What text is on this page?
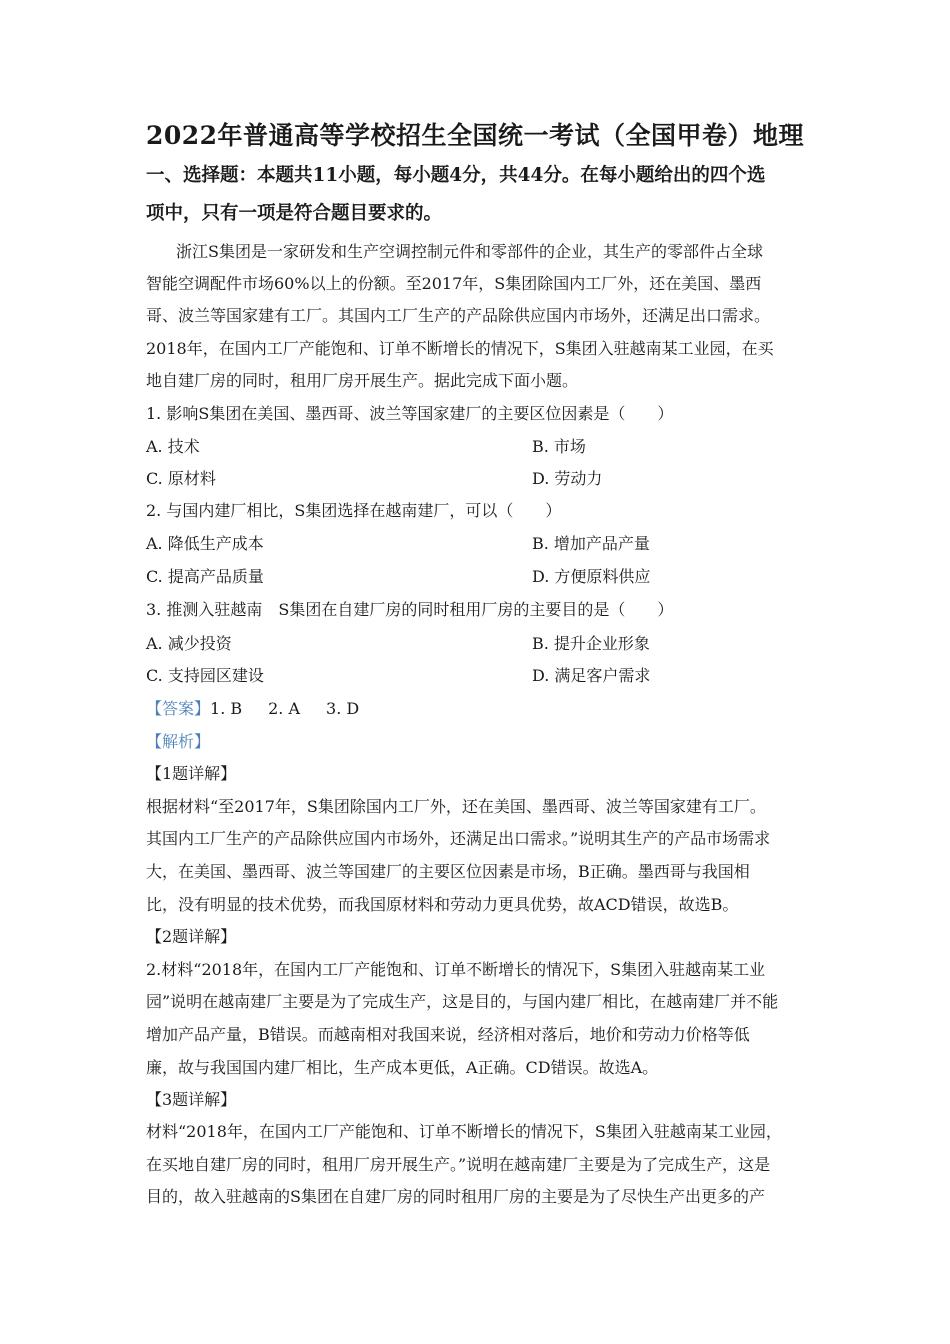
2022年普通高等学校招生全国统一考试（全国甲卷）地理
一、选择题：本题共11小题，每小题4分，共44分。在每小题给出的四个选
项中，只有一项是符合题目要求的。
浙江S集团是一家研发和生产空调控制元件和零部件的企业，其生产的零部件占全球
智能空调配件市场60%以上的份额。至2017年，S集团除国内工厂外，还在美国、墨西
哥、波兰等国家建有工厂。其国内工厂生产的产品除供应国内市场外，还满足出口需求。
2018年，在国内工厂产能饱和、订单不断增长的情况下，S集团入驻越南某工业园，在买
地自建厂房的同时，租用厂房开展生产。据此完成下面小题。
1. 影响S集团在美国、墨西哥、波兰等国家建厂的主要区位因素是（　　）
A. 技术	B. 市场
C. 原材料	D. 劳动力
2. 与国内建厂相比，S集团选择在越南建厂，可以（　　）
A. 降低生产成本	B. 增加产品产量
C. 提高产品质量	D. 方便原料供应
3. 推测入驻越南　S集团在自建厂房的同时租用厂房的主要目的是（　　）
A. 减少投资	B. 提升企业形象
C. 支持园区建设	D. 满足客户需求
【答案】1. B 2. A 3. D
【解析】
【1题详解】
根据材料“至2017年，S集团除国内工厂外，还在美国、墨西哥、波兰等国家建有工厂。
其国内工厂生产的产品除供应国内市场外，还满足出口需求。”说明其生产的产品市场需求
大，在美国、墨西哥、波兰等国建厂的主要区位因素是市场，B正确。墨西哥与我国相
比，没有明显的技术优势，而我国原材料和劳动力更具优势，故ACD错误，故选B。
【2题详解】
2.材料“2018年，在国内工厂产能饱和、订单不断增长的情况下，S集团入驻越南某工业
园”说明在越南建厂主要是为了完成生产，这是目的，与国内建厂相比，在越南建厂并不能
增加产品产量，B错误。而越南相对我国来说，经济相对落后，地价和劳动力价格等低
廉，故与我国国内建厂相比，生产成本更低，A正确。CD错误。故选A。
【3题详解】
材料“2018年，在国内工厂产能饱和、订单不断增长的情况下，S集团入驻越南某工业园，
在买地自建厂房的同时，租用厂房开展生产。”说明在越南建厂主要是为了完成生产，这是
目的，故入驻越南的S集团在自建厂房的同时租用厂房的主要是为了尽快生产出更多的产
